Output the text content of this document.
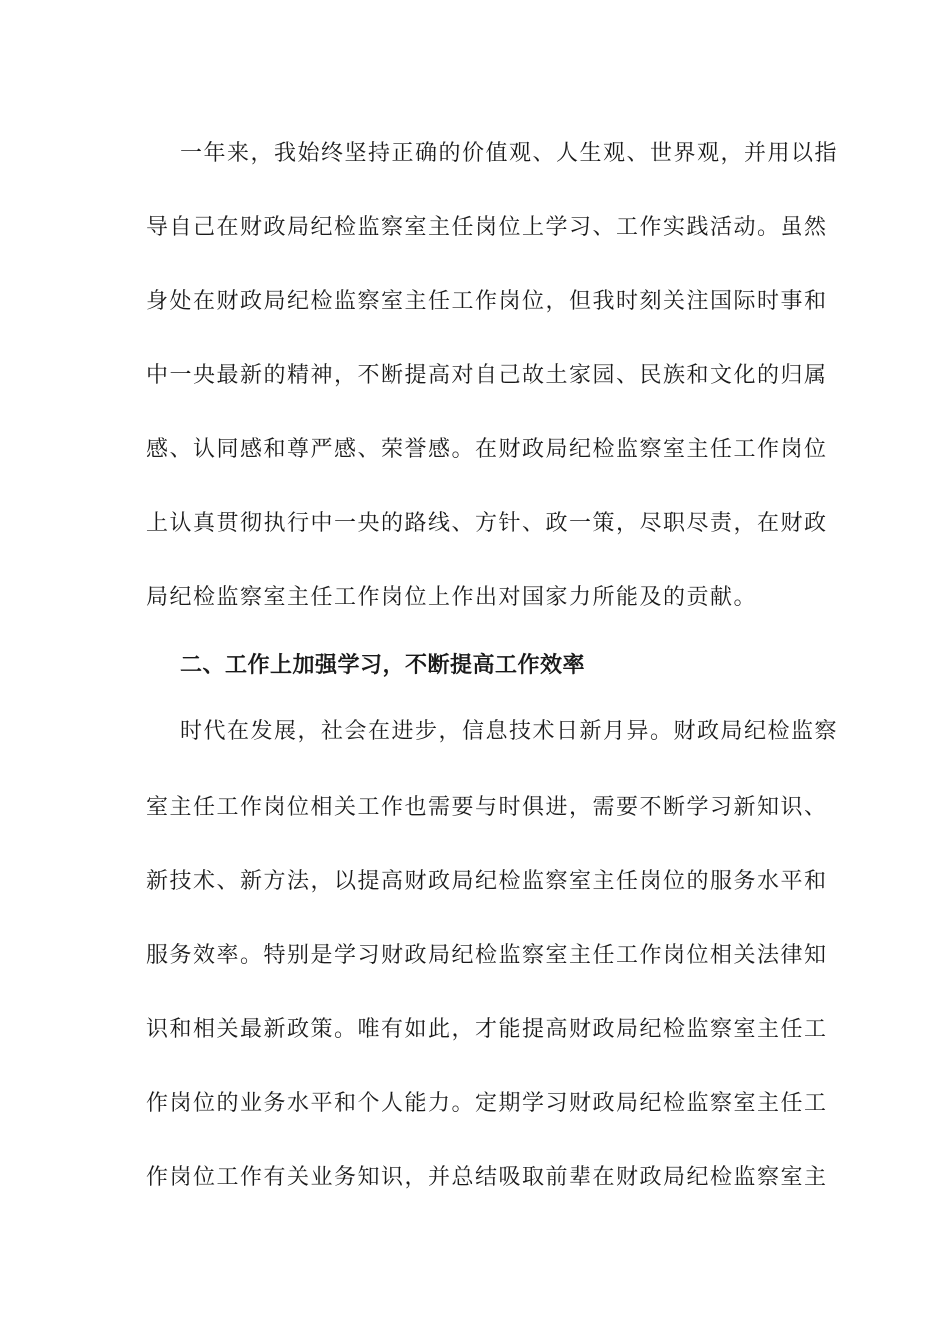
一年来，我始终坚持正确的价值观、人生观、世界观，并用以指
导自己在财政局纪检监察室主任岗位上学习、工作实践活动。虽然
身处在财政局纪检监察室主任工作岗位，但我时刻关注国际时事和
中一央最新的精神，不断提高对自己故土家园、民族和文化的归属
感、认同感和尊严感、荣誉感。在财政局纪检监察室主任工作岗位
上认真贯彻执行中一央的路线、方针、政一策，尽职尽责，在财政
局纪检监察室主任工作岗位上作出对国家力所能及的贡献。
二、工作上加强学习，不断提高工作效率
时代在发展，社会在进步，信息技术日新月异。财政局纪检监察
室主任工作岗位相关工作也需要与时俱进，需要不断学习新知识、
新技术、新方法，以提高财政局纪检监察室主任岗位的服务水平和
服务效率。特别是学习财政局纪检监察室主任工作岗位相关法律知
识和相关最新政策。唯有如此，才能提高财政局纪检监察室主任工
作岗位的业务水平和个人能力。定期学习财政局纪检监察室主任工
作岗位工作有关业务知识，并总结吸取前辈在财政局纪检监察室主
